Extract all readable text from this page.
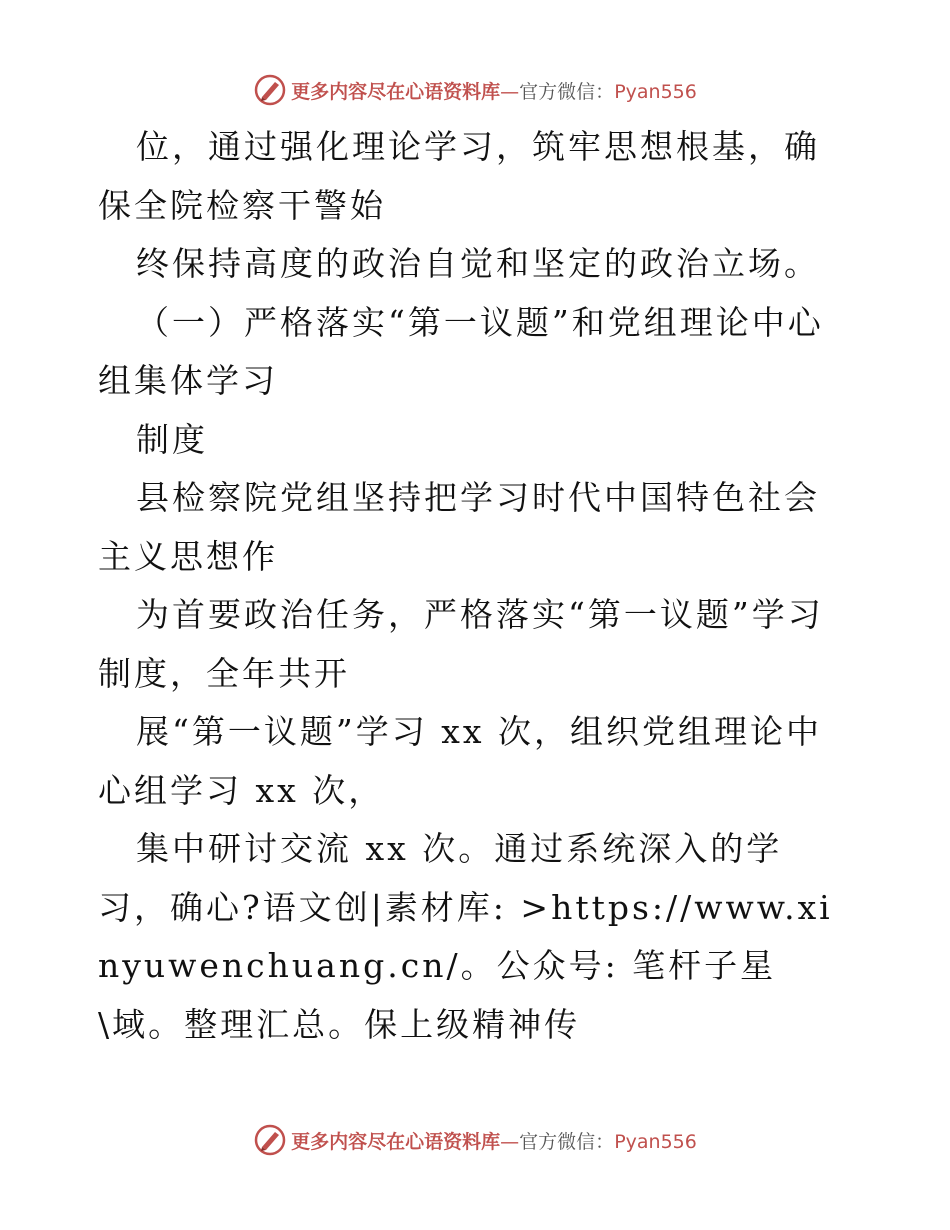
更多内容尽在心语资料库—官方微信：Pyan556

位，通过强化理论学习，筑牢思想根基，确保全院检察干警始

终保持高度的政治自觉和坚定的政治立场。

（一）严格落实“第一议题”和党组理论中心组集体学习

制度

县检察院党组坚持把学习时代中国特色社会主义思想作

为首要政治任务，严格落实“第一议题”学习制度，全年共开

展“第一议题”学习 xx 次，组织党组理论中心组学习 xx 次，

集中研讨交流 xx 次。通过系统深入的学习，确心?语文创|素材库: >https://www.xinyuwenchuang.cn/。公众号: 笔杆子星\域。整理汇总。保上级精神传

更多内容尽在心语资料库—官方微信：Pyan556
